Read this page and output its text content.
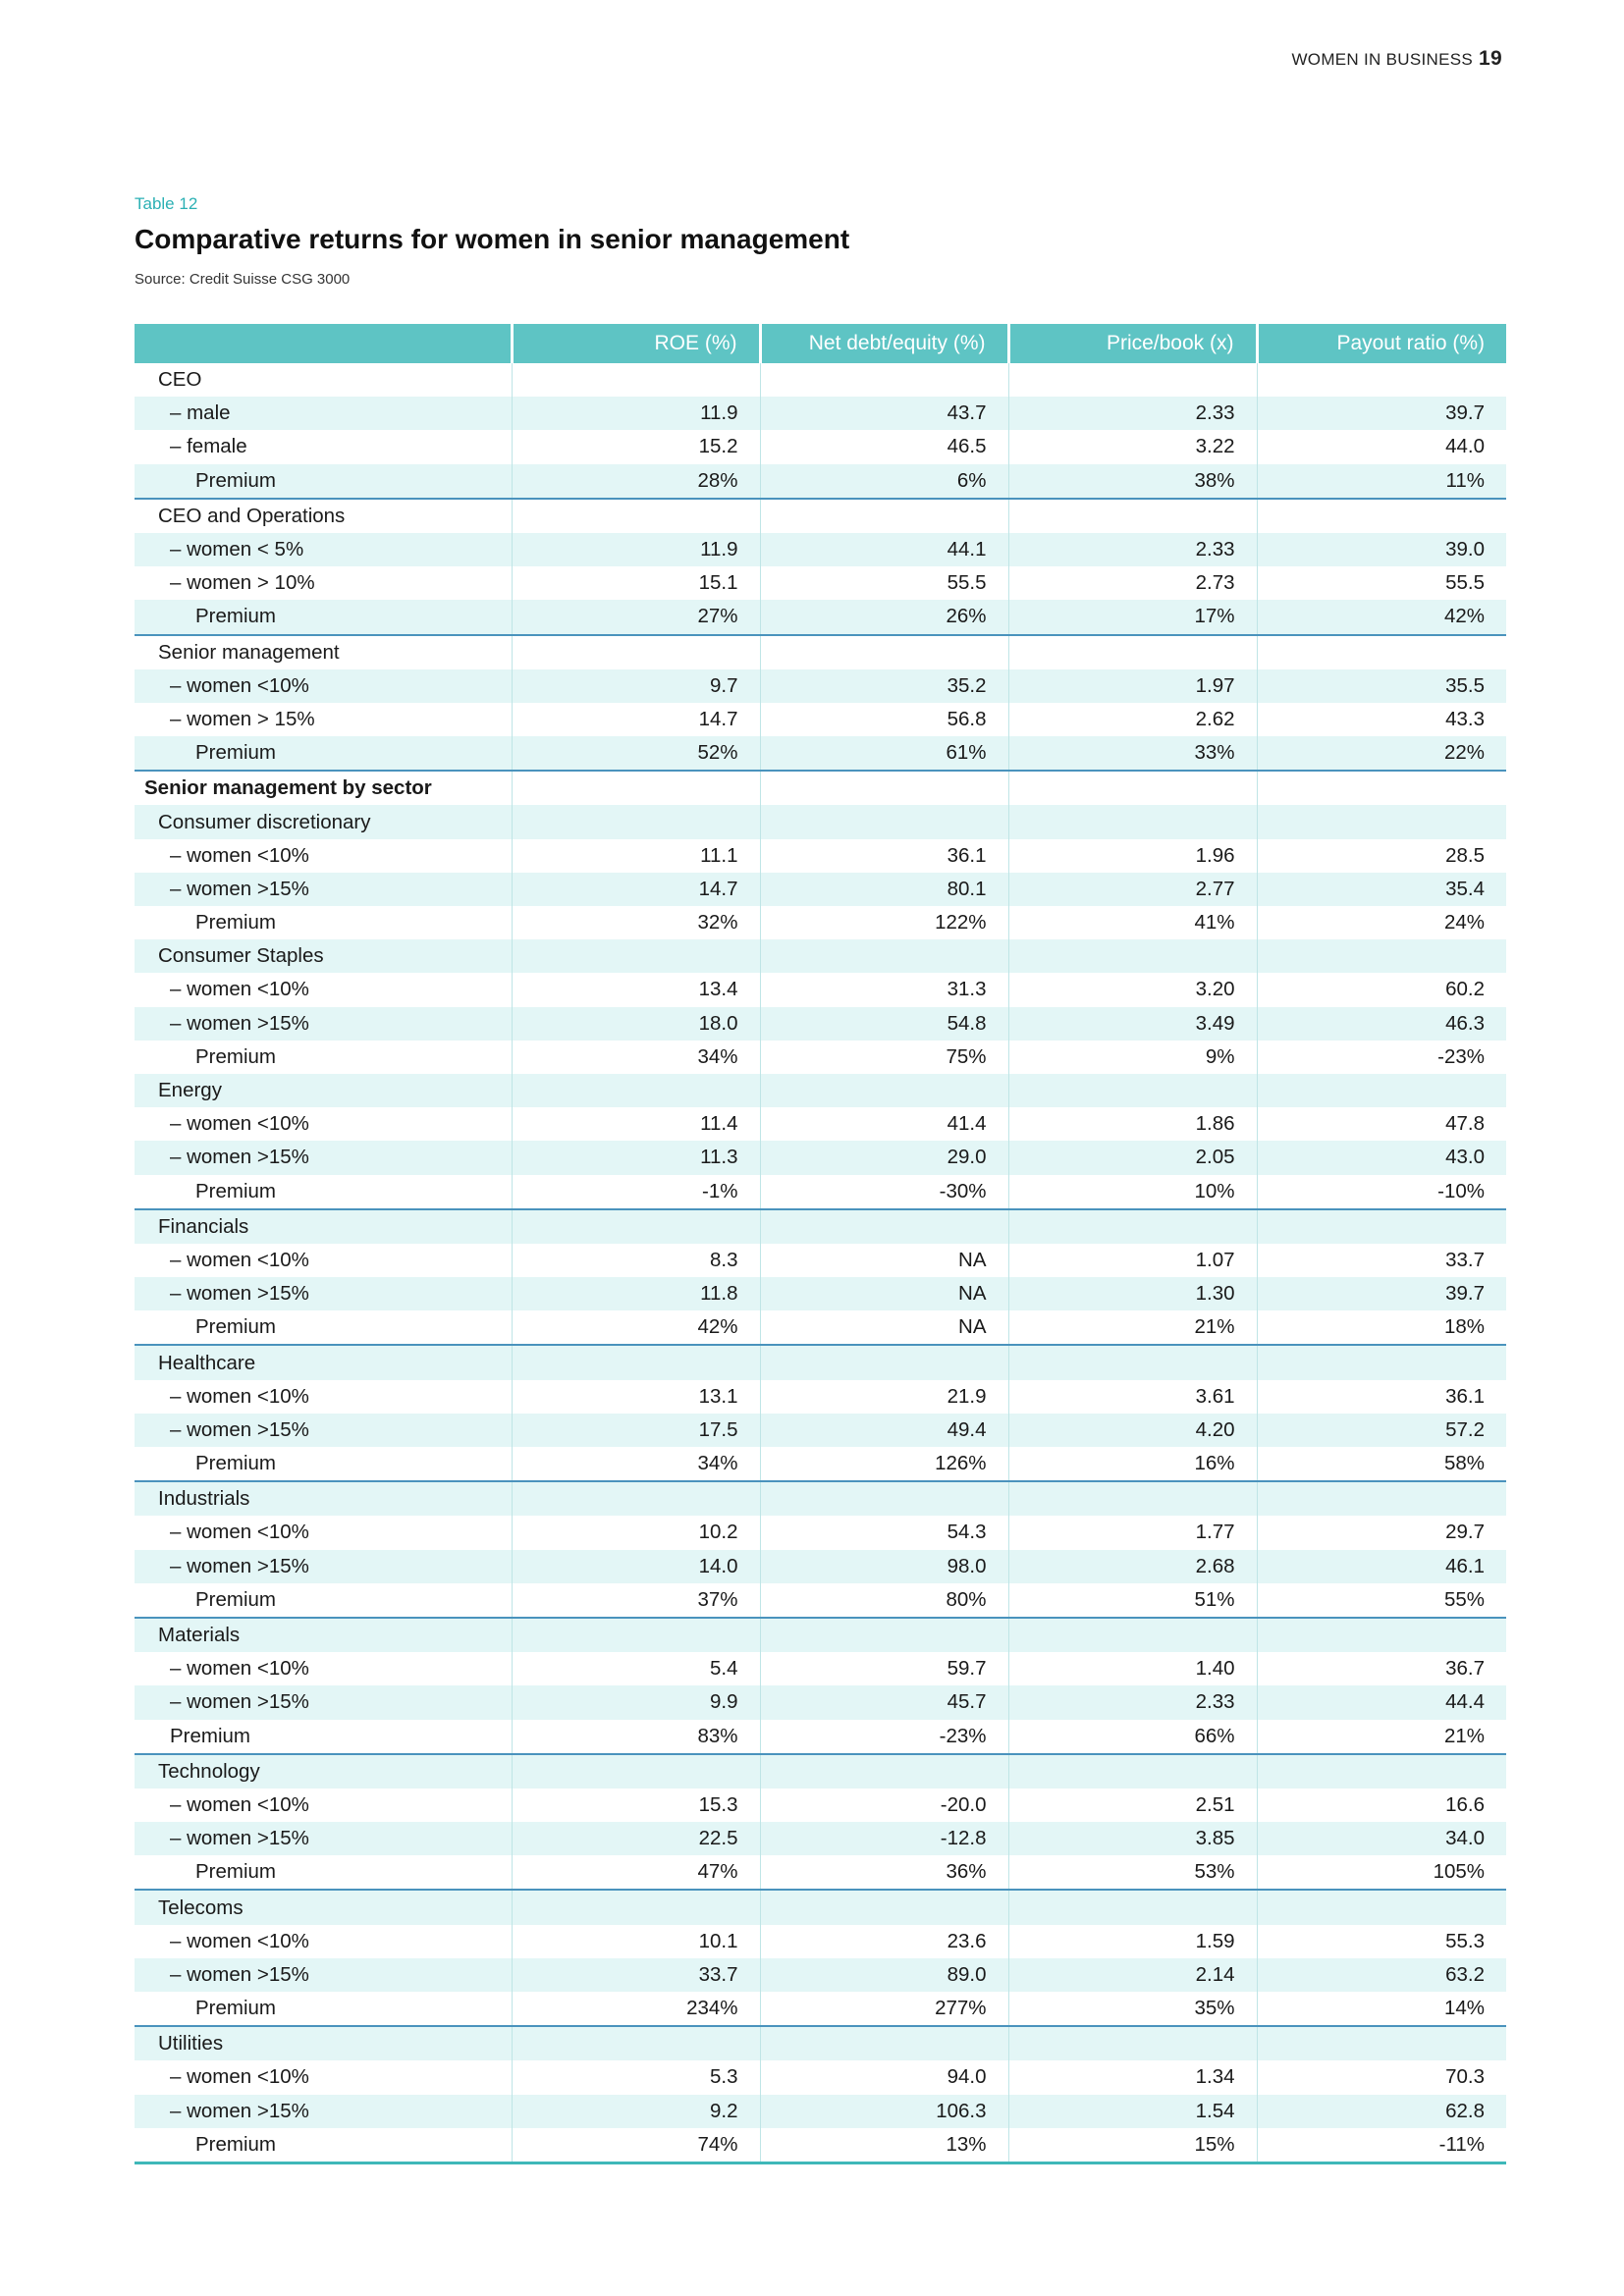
WOMEN IN BUSINESS 19
Table 12
Comparative returns for women in senior management
Source: Credit Suisse CSG 3000
	ROE (%)	Net debt/equity (%)	Price/book (x)	Payout ratio (%)
CEO				
– male	11.9	43.7	2.33	39.7
– female	15.2	46.5	3.22	44.0
Premium	28%	6%	38%	11%
CEO and Operations				
– women < 5%	11.9	44.1	2.33	39.0
– women > 10%	15.1	55.5	2.73	55.5
Premium	27%	26%	17%	42%
Senior management				
– women <10%	9.7	35.2	1.97	35.5
– women > 15%	14.7	56.8	2.62	43.3
Premium	52%	61%	33%	22%
Senior management by sector				
Consumer discretionary				
– women <10%	11.1	36.1	1.96	28.5
– women >15%	14.7	80.1	2.77	35.4
Premium	32%	122%	41%	24%
Consumer Staples				
– women <10%	13.4	31.3	3.20	60.2
– women >15%	18.0	54.8	3.49	46.3
Premium	34%	75%	9%	-23%
Energy				
– women <10%	11.4	41.4	1.86	47.8
– women >15%	11.3	29.0	2.05	43.0
Premium	-1%	-30%	10%	-10%
Financials				
– women <10%	8.3	NA	1.07	33.7
– women >15%	11.8	NA	1.30	39.7
Premium	42%	NA	21%	18%
Healthcare				
– women <10%	13.1	21.9	3.61	36.1
– women >15%	17.5	49.4	4.20	57.2
Premium	34%	126%	16%	58%
Industrials				
– women <10%	10.2	54.3	1.77	29.7
– women >15%	14.0	98.0	2.68	46.1
Premium	37%	80%	51%	55%
Materials				
– women <10%	5.4	59.7	1.40	36.7
– women >15%	9.9	45.7	2.33	44.4
Premium	83%	-23%	66%	21%
Technology				
– women <10%	15.3	-20.0	2.51	16.6
– women >15%	22.5	-12.8	3.85	34.0
Premium	47%	36%	53%	105%
Telecoms				
– women <10%	10.1	23.6	1.59	55.3
– women >15%	33.7	89.0	2.14	63.2
Premium	234%	277%	35%	14%
Utilities				
– women <10%	5.3	94.0	1.34	70.3
– women >15%	9.2	106.3	1.54	62.8
Premium	74%	13%	15%	-11%
